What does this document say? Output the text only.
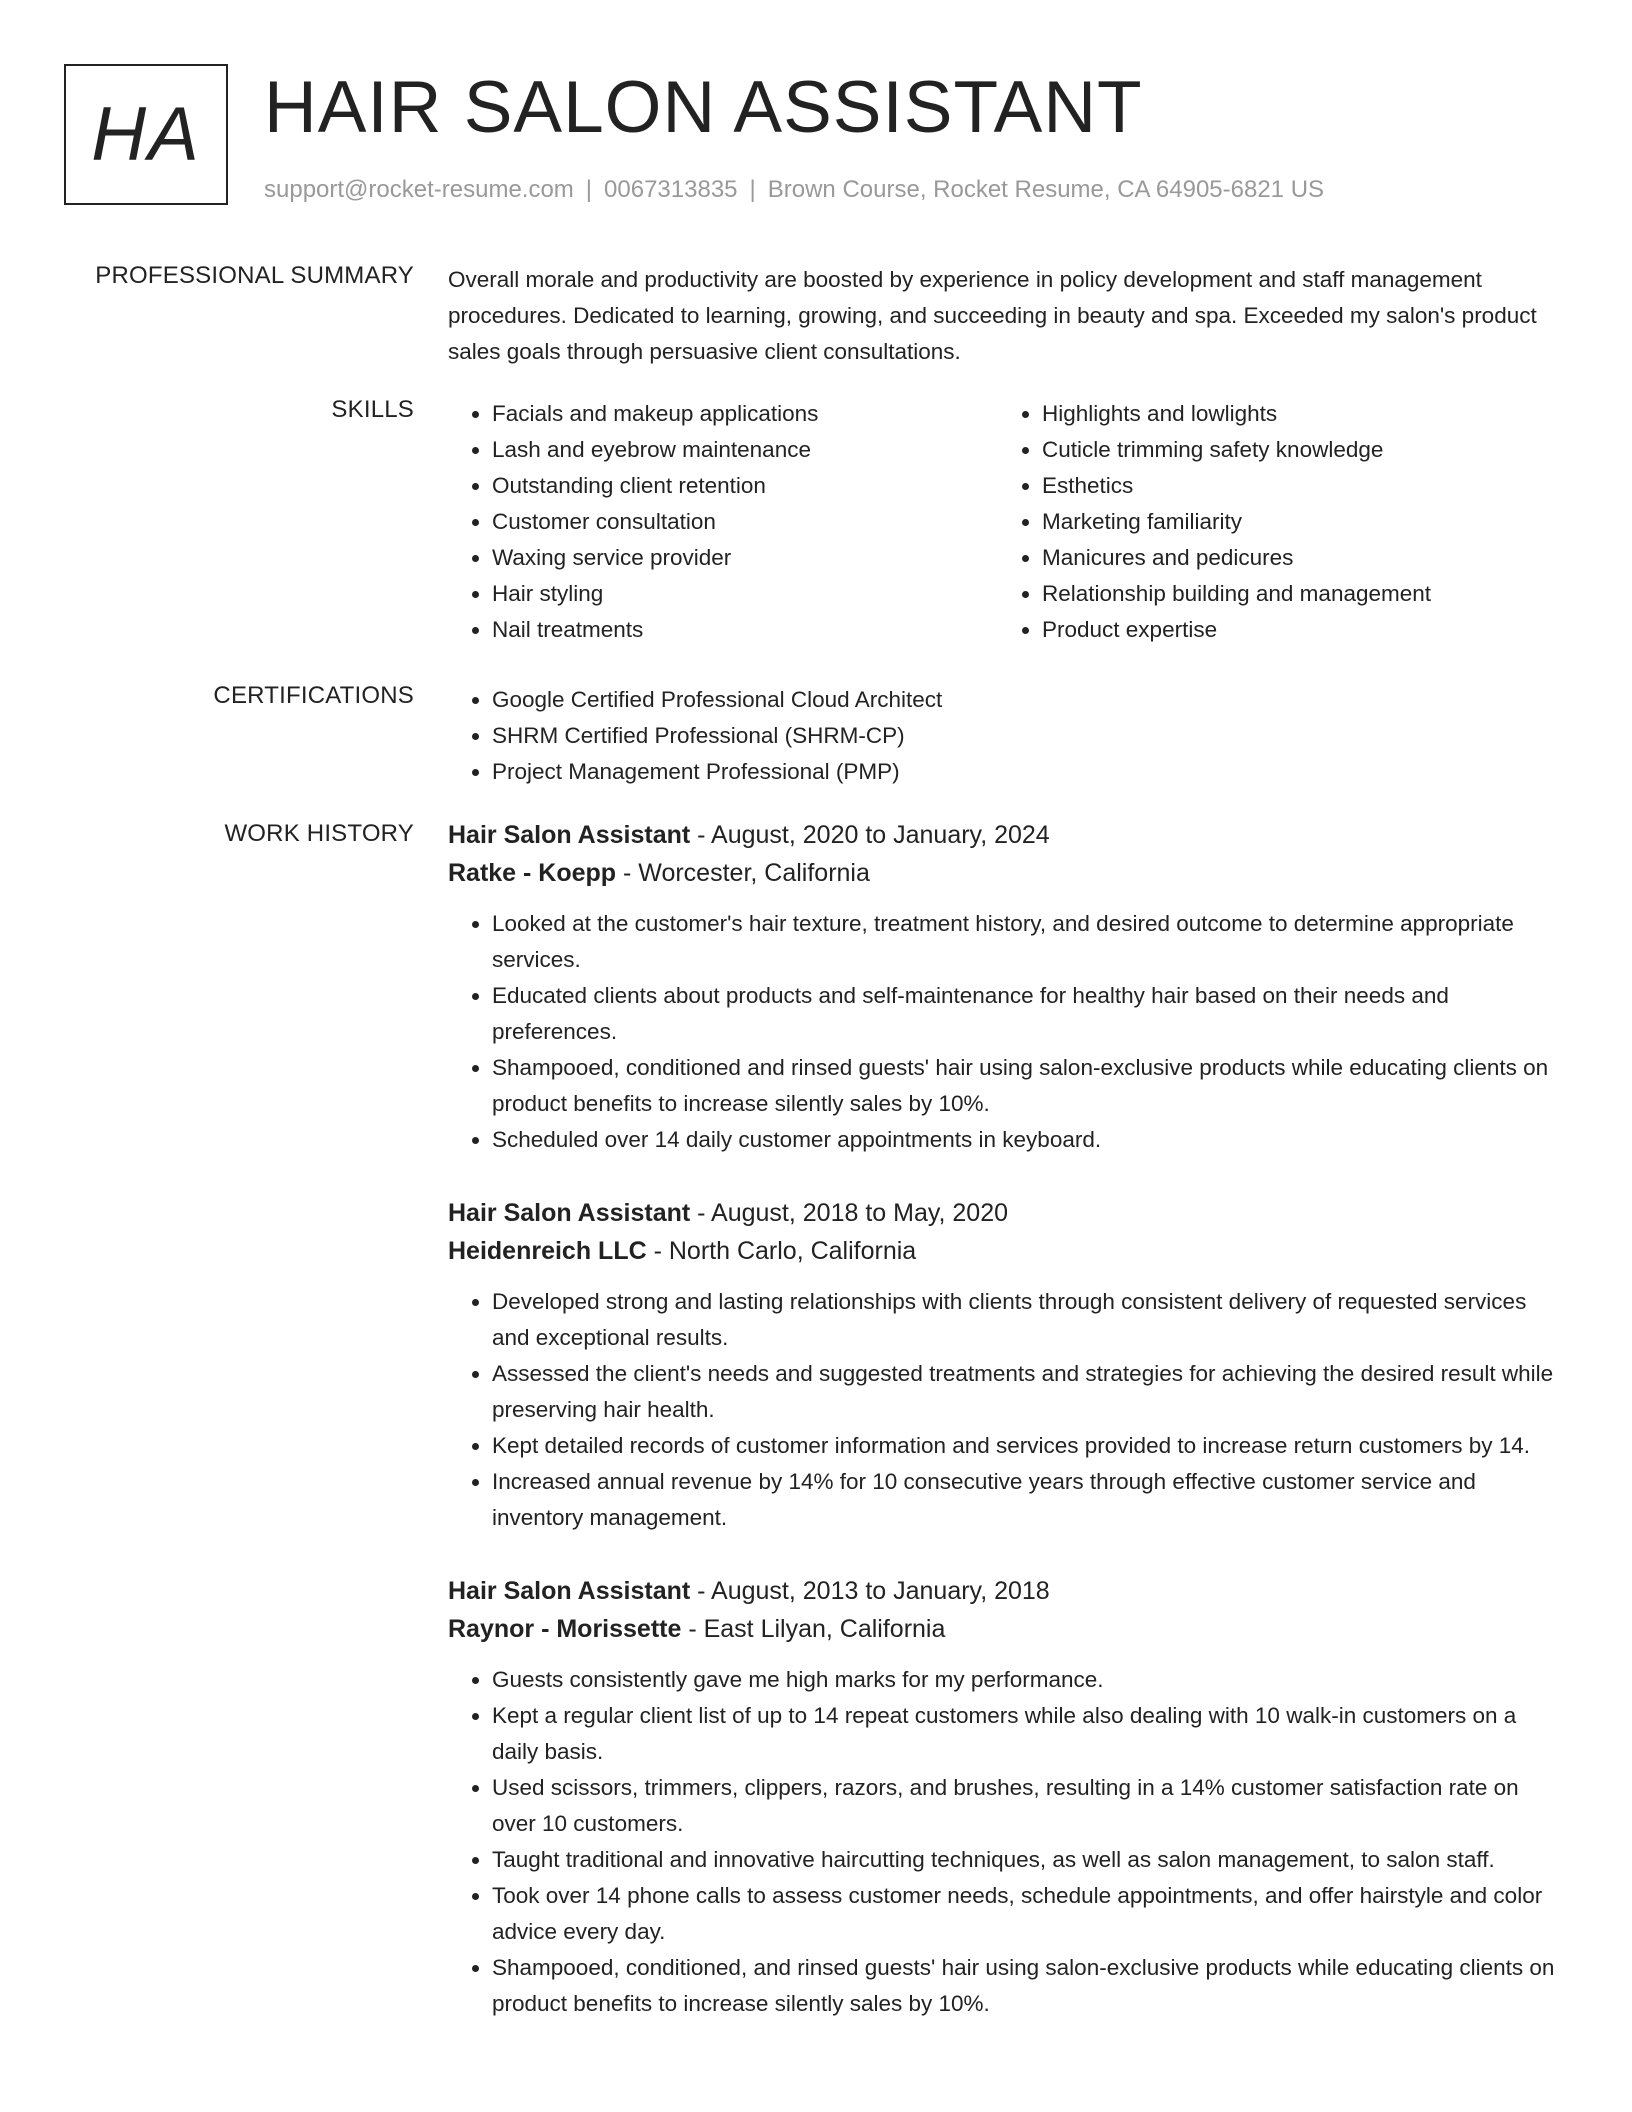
HA HAIR SALON ASSISTANT
support@rocket-resume.com | 0067313835 | Brown Course, Rocket Resume, CA 64905-6821 US
PROFESSIONAL SUMMARY Overall morale and productivity are boosted by experience in policy development and staff management procedures. Dedicated to learning, growing, and succeeding in beauty and spa. Exceeded my salon's product sales goals through persuasive client consultations.

SKILLS	• Facials and makeup applications
• Lash and eyebrow maintenance
• Outstanding client retention
• Customer consultation
• Waxing service provider
• Hair styling
• Nail treatments
• Highlights and lowlights
• Cuticle trimming safety knowledge
• Esthetics
• Marketing familiarity
• Manicures and pedicures
• Relationship building and management
• Product expertise
CERTIFICATIONS	• Google Certified Professional Cloud Architect
• SHRM Certified Professional (SHRM-CP)
• Project Management Professional (PMP)
WORK HISTORY Hair Salon Assistant - August, 2020 to January, 2024
Ratke - Koepp - Worcester, California
• Looked at the customer's hair texture, treatment history, and desired outcome to determine appropriate services.
• Educated clients about products and self-maintenance for healthy hair based on their needs and preferences.
• Shampooed, conditioned and rinsed guests' hair using salon-exclusive products while educating clients on product benefits to increase silently sales by 10%.
• Scheduled over 14 daily customer appointments in keyboard.
Hair Salon Assistant - August, 2018 to May, 2020
Heidenreich LLC - North Carlo, California
• Developed strong and lasting relationships with clients through consistent delivery of requested services and exceptional results.
• Assessed the client's needs and suggested treatments and strategies for achieving the desired result while preserving hair health.
• Kept detailed records of customer information and services provided to increase return customers by 14.
• Increased annual revenue by 14% for 10 consecutive years through effective customer service and inventory management.
Hair Salon Assistant - August, 2013 to January, 2018
Raynor - Morissette - East Lilyan, California
• Guests consistently gave me high marks for my performance.
• Kept a regular client list of up to 14 repeat customers while also dealing with 10 walk-in customers on a daily basis.
• Used scissors, trimmers, clippers, razors, and brushes, resulting in a 14% customer satisfaction rate on over 10 customers.
• Taught traditional and innovative haircutting techniques, as well as salon management, to salon staff.
• Took over 14 phone calls to assess customer needs, schedule appointments, and offer hairstyle and color advice every day.
• Shampooed, conditioned, and rinsed guests' hair using salon-exclusive products while educating clients on product benefits to increase silently sales by 10%.
